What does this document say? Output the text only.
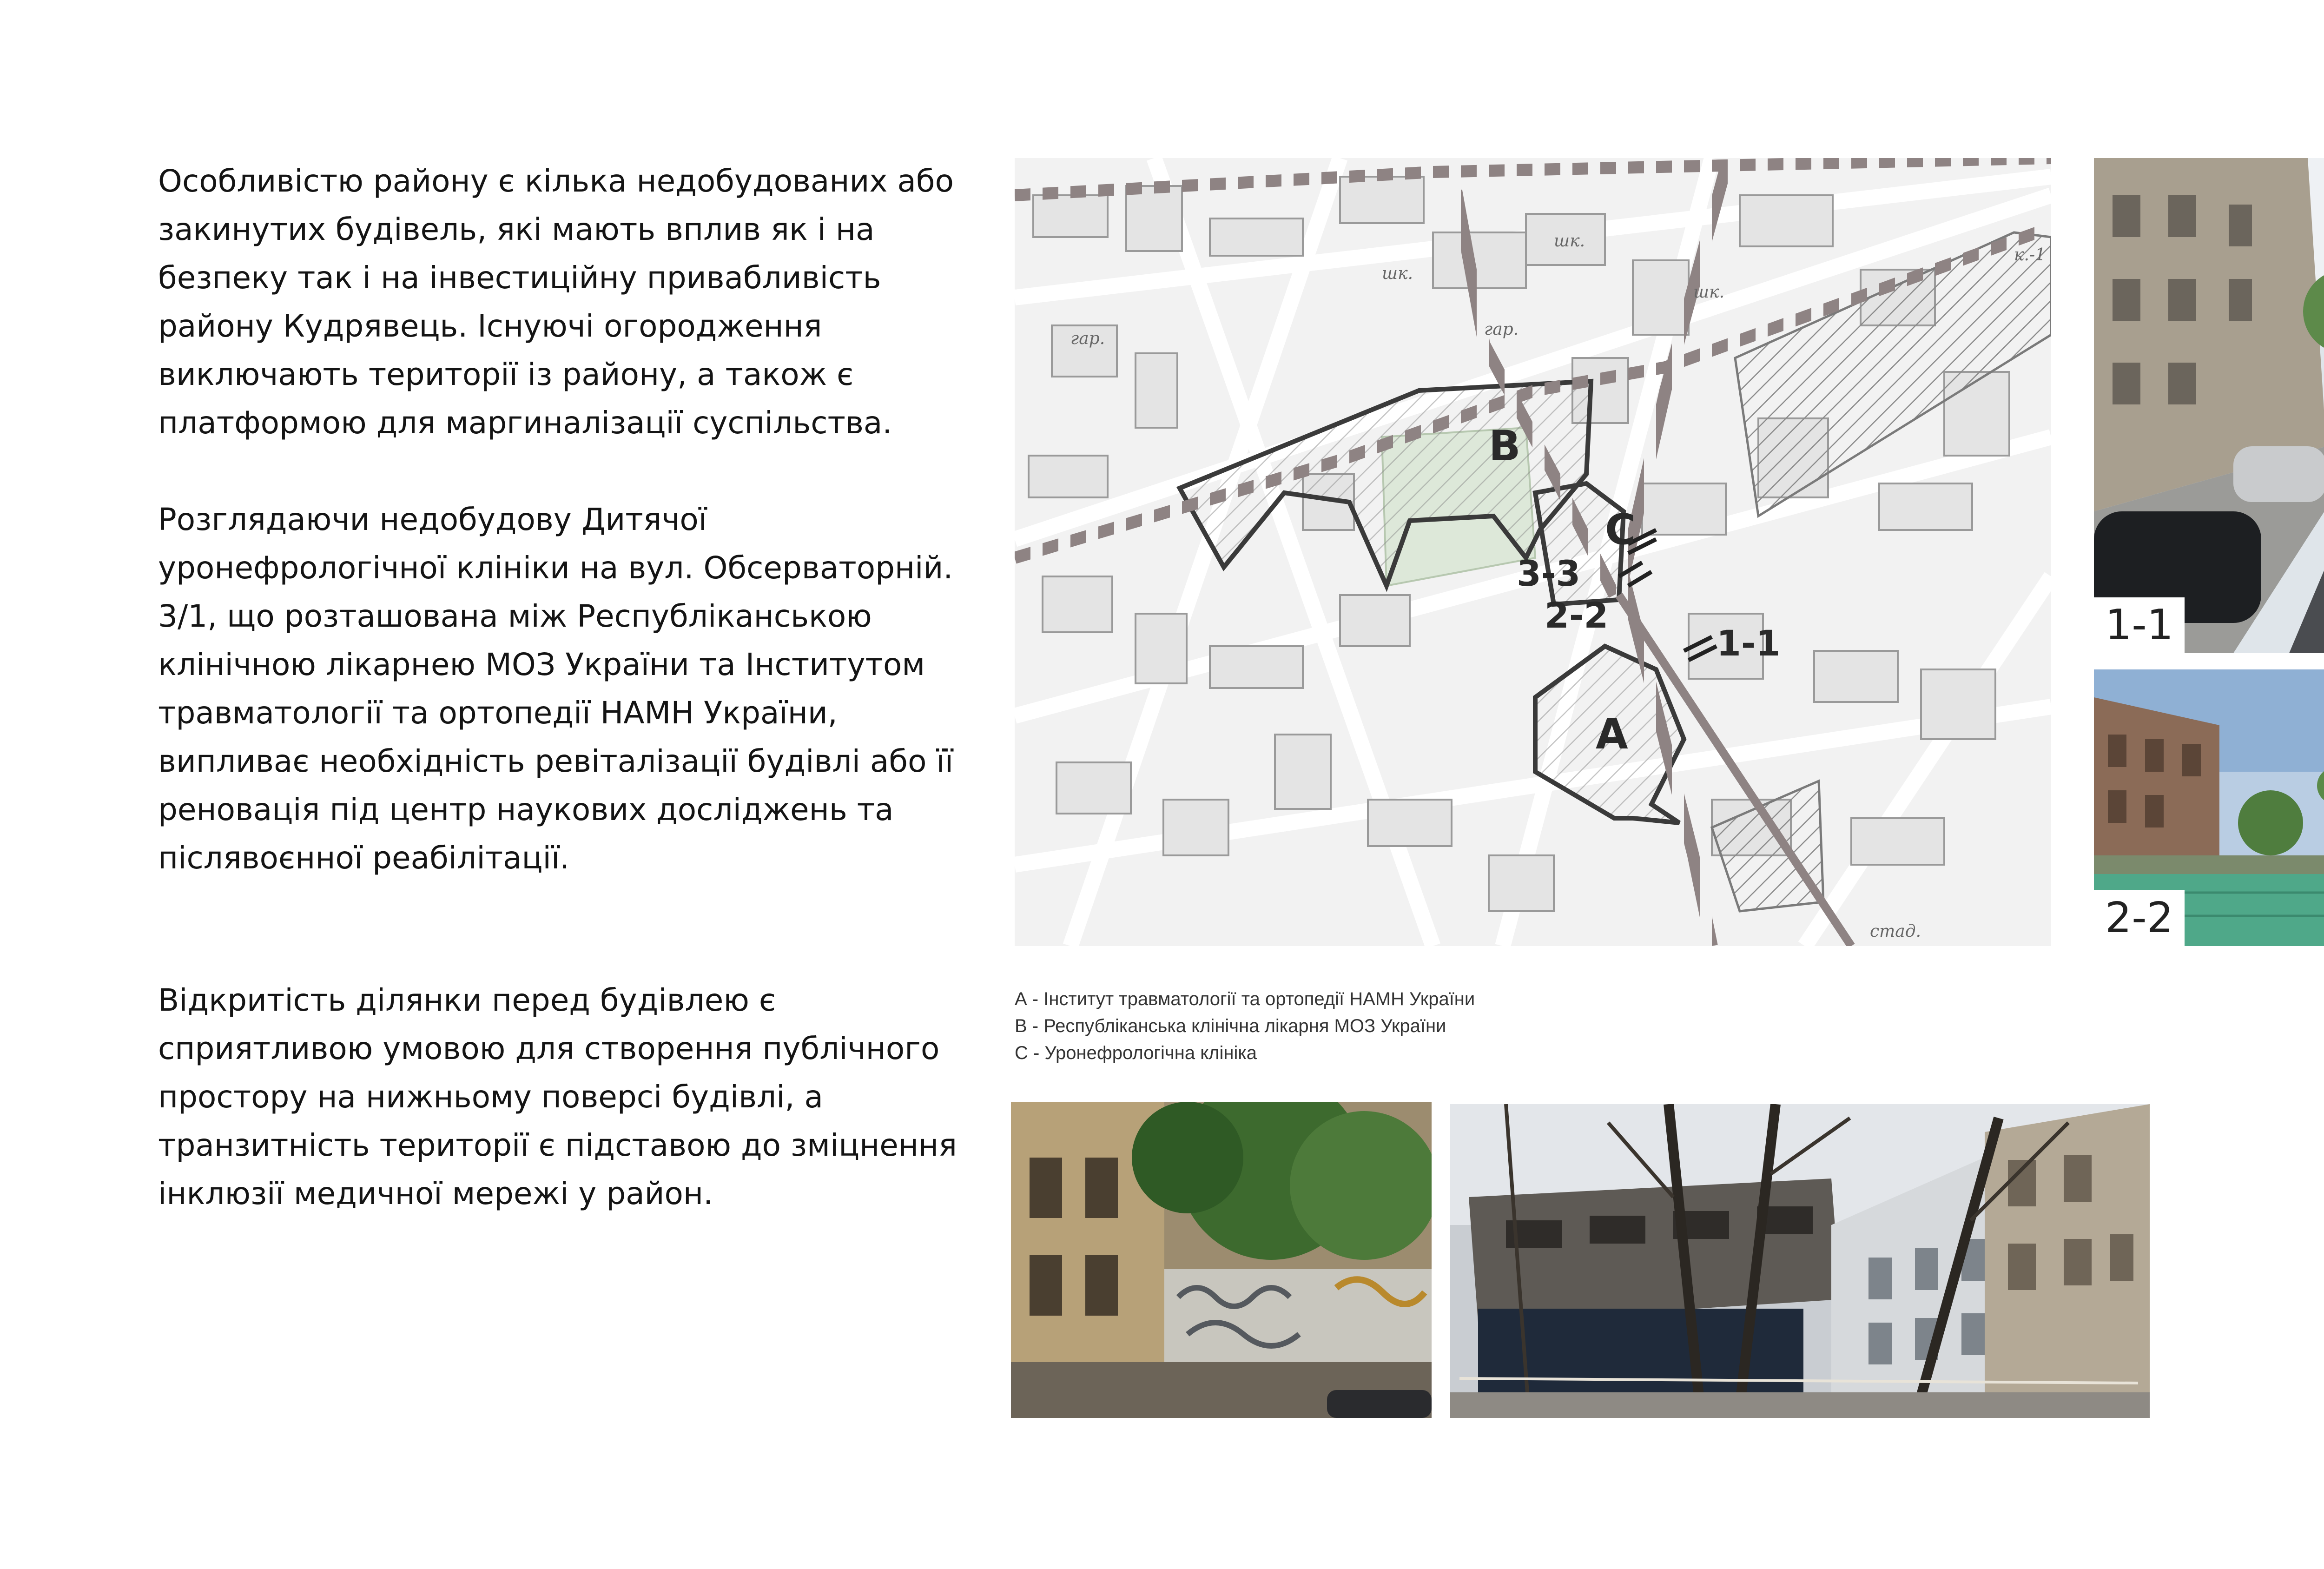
Особливістю району є кілька недобудованих або закинутих будівель, які мають вплив як і на безпеку так і на інвестиційну привабливість району Кудрявець. Існуючі огородження виключають території із району, а також є платформою для маргиналізації суспільства.

Розглядаючи недобудову Дитячої уронефрологічної клініки на вул. Обсерваторній. 3/1, що розташована між Республіканською клінічною лікарнею МОЗ України та Інститутом травматології та ортопедії НАМН України, випливає необхідність ревіталізації будівлі або її реновація під центр наукових досліджень та післявоєнної реабілітації.

Відкритість ділянки перед будівлею є сприятливою умовою для створення публічного простору на нижньому поверсі будівлі, а транзитність території є підставою до зміцнення інклюзії медичної мережі у район.

B
C
A
3-3
2-2
1-1
шк.
шк.
шк.
гар.	гар.
стад.
к.-1
А - Інститут травматології та ортопедії НАМН України
В - Республіканська клінічна лікарня МОЗ України
С - Уронефрологічна клініка
1-1
2-2
